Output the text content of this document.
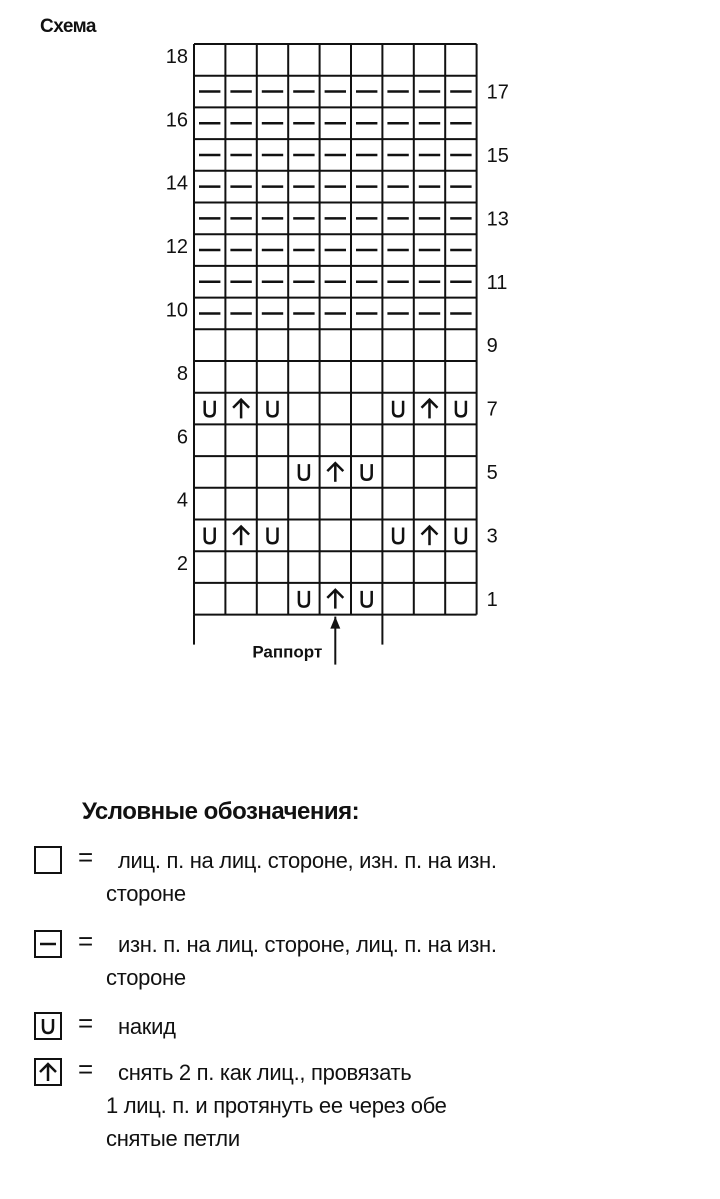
Схема
2
4
6
8
10
12
14
16
18
1
3
5
7
9
11
13
15
17
Раппорт
Условные обозначения:
= лиц. п. на лиц. стороне, изн. п. на изн.
стороне
= изн. п. на лиц. стороне, лиц. п. на изн.
стороне
= накид
= снять 2 п. как лиц., провязать
1 лиц. п. и протянуть ее через обе
снятые петли
